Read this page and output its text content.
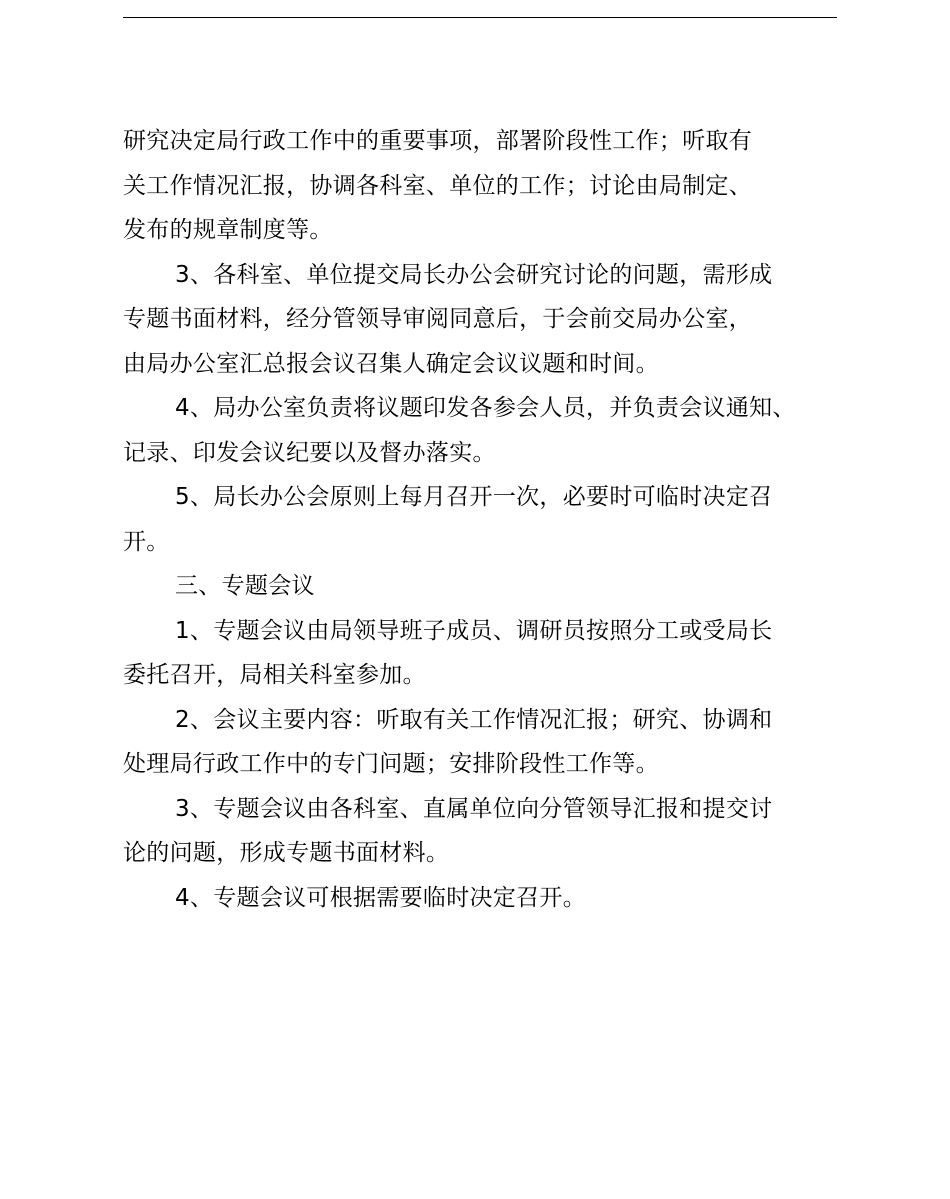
研究决定局行政工作中的重要事项，部署阶段性工作；听取有

关工作情况汇报，协调各科室、单位的工作；讨论由局制定、

发布的规章制度等。

3、各科室、单位提交局长办公会研究讨论的问题，需形成

专题书面材料，经分管领导审阅同意后，于会前交局办公室，

由局办公室汇总报会议召集人确定会议议题和时间。

4、局办公室负责将议题印发各参会人员，并负责会议通知、

记录、印发会议纪要以及督办落实。

5、局长办公会原则上每月召开一次，必要时可临时决定召

开。

三、专题会议

1、专题会议由局领导班子成员、调研员按照分工或受局长

委托召开，局相关科室参加。

2、会议主要内容：听取有关工作情况汇报；研究、协调和

处理局行政工作中的专门问题；安排阶段性工作等。

3、专题会议由各科室、直属单位向分管领导汇报和提交讨

论的问题，形成专题书面材料。

4、专题会议可根据需要临时决定召开。
